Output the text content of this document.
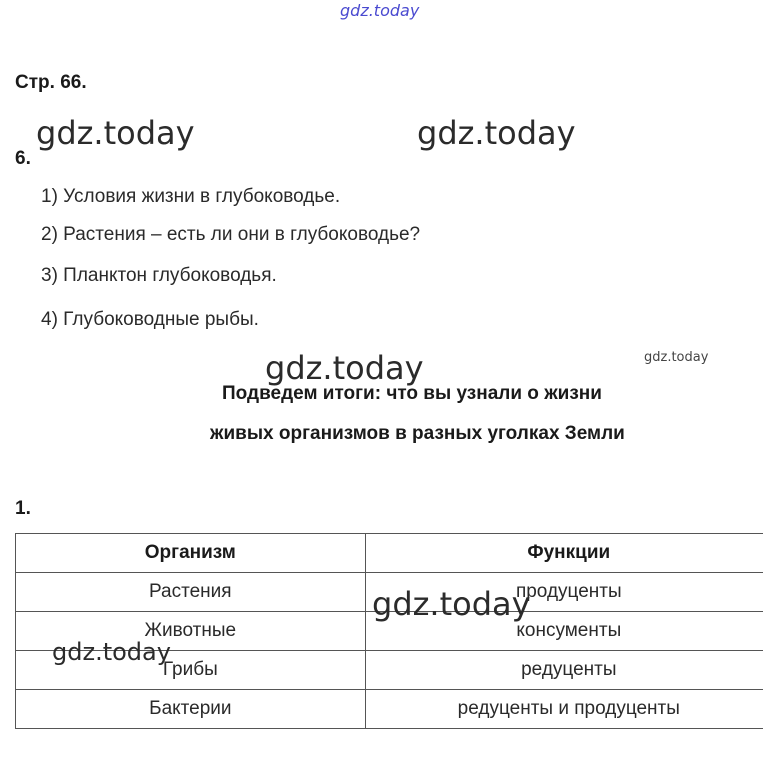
gdz.today
gdz.today	gdz.today
gdz.today	gdz.today
Стр. 66.
6.
1) Условия жизни в глубоководье.
2) Растения – есть ли они в глубоководье?
3) Планктон глубоководья.
4) Глубоководные рыбы.
Подведем итоги: что вы узнали о жизни
живых организмов в разных уголках Земли
1.
Организм	Функции
Растения	продуценты
Животные	консументы
Грибы	редуценты
Бактерии	редуценты и продуценты
gdz.today
gdz.today
